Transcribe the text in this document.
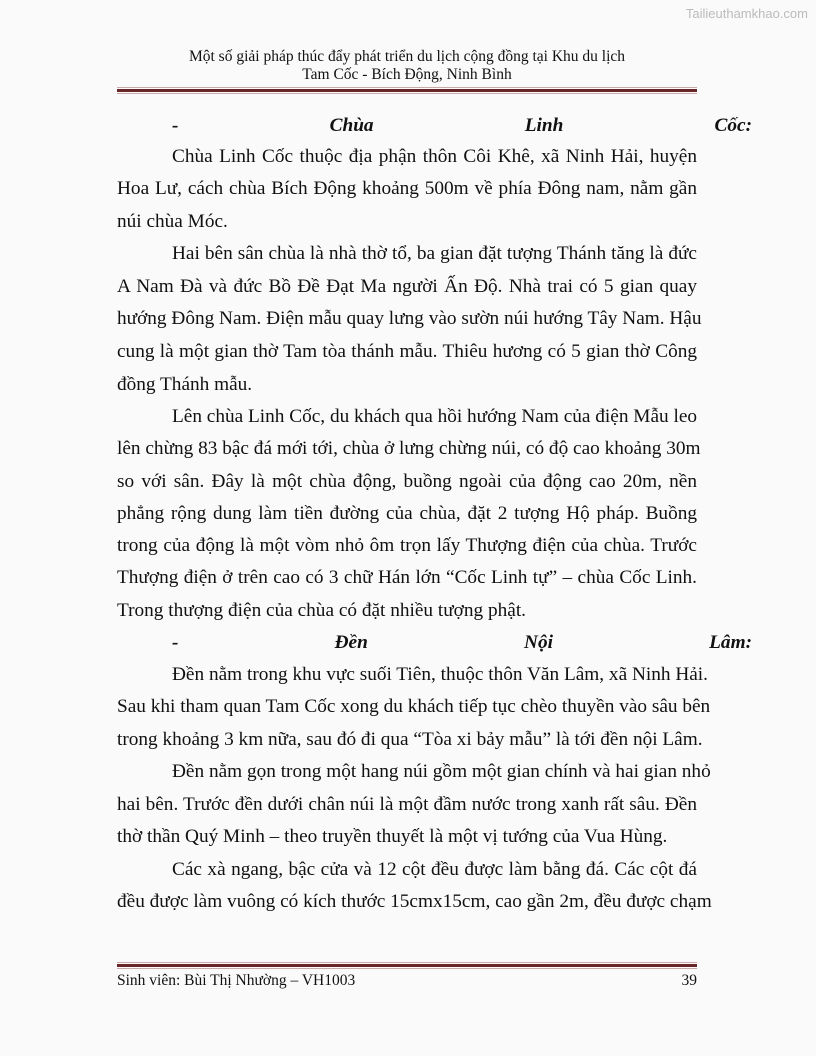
Tailieuthamkhao.com
Một số giải pháp thúc đẩy phát triển du lịch cộng đồng tại Khu du lịch
Tam Cốc - Bích Động, Ninh Bình
- Chùa Linh Cốc:
Chùa Linh Cốc thuộc địa phận thôn Côi Khê, xã Ninh Hải, huyện
Hoa Lư, cách chùa Bích Động khoảng 500m về phía Đông nam, nằm gần
núi chùa Móc.
Hai bên sân chùa là nhà thờ tổ, ba gian đặt tượng Thánh tăng là đức
A Nam Đà và đức Bồ Đề Đạt Ma người Ấn Độ. Nhà trai có 5 gian quay
hướng Đông Nam. Điện mẫu quay lưng vào sườn núi hướng Tây Nam. Hậu
cung là một gian thờ Tam tòa thánh mẫu. Thiêu hương có 5 gian thờ Công
đồng Thánh mẫu.
Lên chùa Linh Cốc, du khách qua hồi hướng Nam của điện Mẫu leo
lên chừng 83 bậc đá mới tới, chùa ở lưng chừng núi, có độ cao khoảng 30m
so với sân. Đây là một chùa động, buồng ngoài của động cao 20m, nền
phẳng rộng dung làm tiền đường của chùa, đặt 2 tượng Hộ pháp. Buồng
trong của động là một vòm nhỏ ôm trọn lấy Thượng điện của chùa. Trước
Thượng điện ở trên cao có 3 chữ Hán lớn “Cốc Linh tự” – chùa Cốc Linh.
Trong thượng điện của chùa có đặt nhiều tượng phật.
- Đền Nội Lâm:
Đền nằm trong khu vực suối Tiên, thuộc thôn Văn Lâm, xã Ninh Hải.
Sau khi tham quan Tam Cốc xong du khách tiếp tục chèo thuyền vào sâu bên
trong khoảng 3 km nữa, sau đó đi qua “Tòa xi bảy mẫu” là tới đền nội Lâm.
Đền nằm gọn trong một hang núi gồm một gian chính và hai gian nhỏ
hai bên. Trước đền dưới chân núi là một đầm nước trong xanh rất sâu. Đền
thờ thần Quý Minh – theo truyền thuyết là một vị tướng của Vua Hùng.
Các xà ngang, bậc cửa và 12 cột đều được làm bằng đá. Các cột đá
đều được làm vuông có kích thước 15cmx15cm, cao gần 2m, đều được chạm
Sinh viên: Bùi Thị Nhường – VH1003	39
